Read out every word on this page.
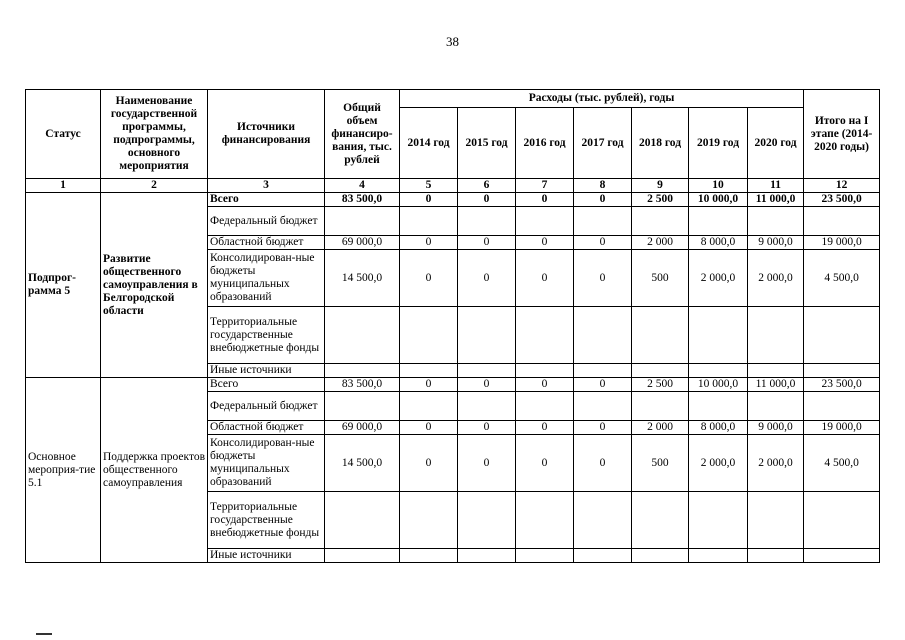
38
Статус	Наименование государственной программы, подпрограммы, основного мероприятия	Источники финансирования	Общий объем финансиро-вания, тыс. рублей	Расходы (тыс. рублей), годы							Итого на I этапе (2014-2020 годы)
				2014 год	2015 год	2016 год	2017 год	2018 год	2019 год	2020 год	
1	2	3	4	5	6	7	8	9	10	11	12
Подпрог-рамма 5	Развитие общественного самоуправления в Белгородской области	Всего	83 500,0	0	0	0	0	2 500	10 000,0	11 000,0	23 500,0
		Федеральный бюджет									
		Областной бюджет	69 000,0	0	0	0	0	2 000	8 000,0	9 000,0	19 000,0
		Консолидирован-ные бюджеты муниципальных образований	14 500,0	0	0	0	0	500	2 000,0	2 000,0	4 500,0
		Территориальные государственные внебюджетные фонды									
		Иные источники									
Основное мероприя-тие 5.1	Поддержка проектов общественного самоуправления	Всего	83 500,0	0	0	0	0	2 500	10 000,0	11 000,0	23 500,0
		Федеральный бюджет									
		Областной бюджет	69 000,0	0	0	0	0	2 000	8 000,0	9 000,0	19 000,0
		Консолидирован-ные бюджеты муниципальных образований	14 500,0	0	0	0	0	500	2 000,0	2 000,0	4 500,0
		Территориальные государственные внебюджетные фонды									
		Иные источники									
